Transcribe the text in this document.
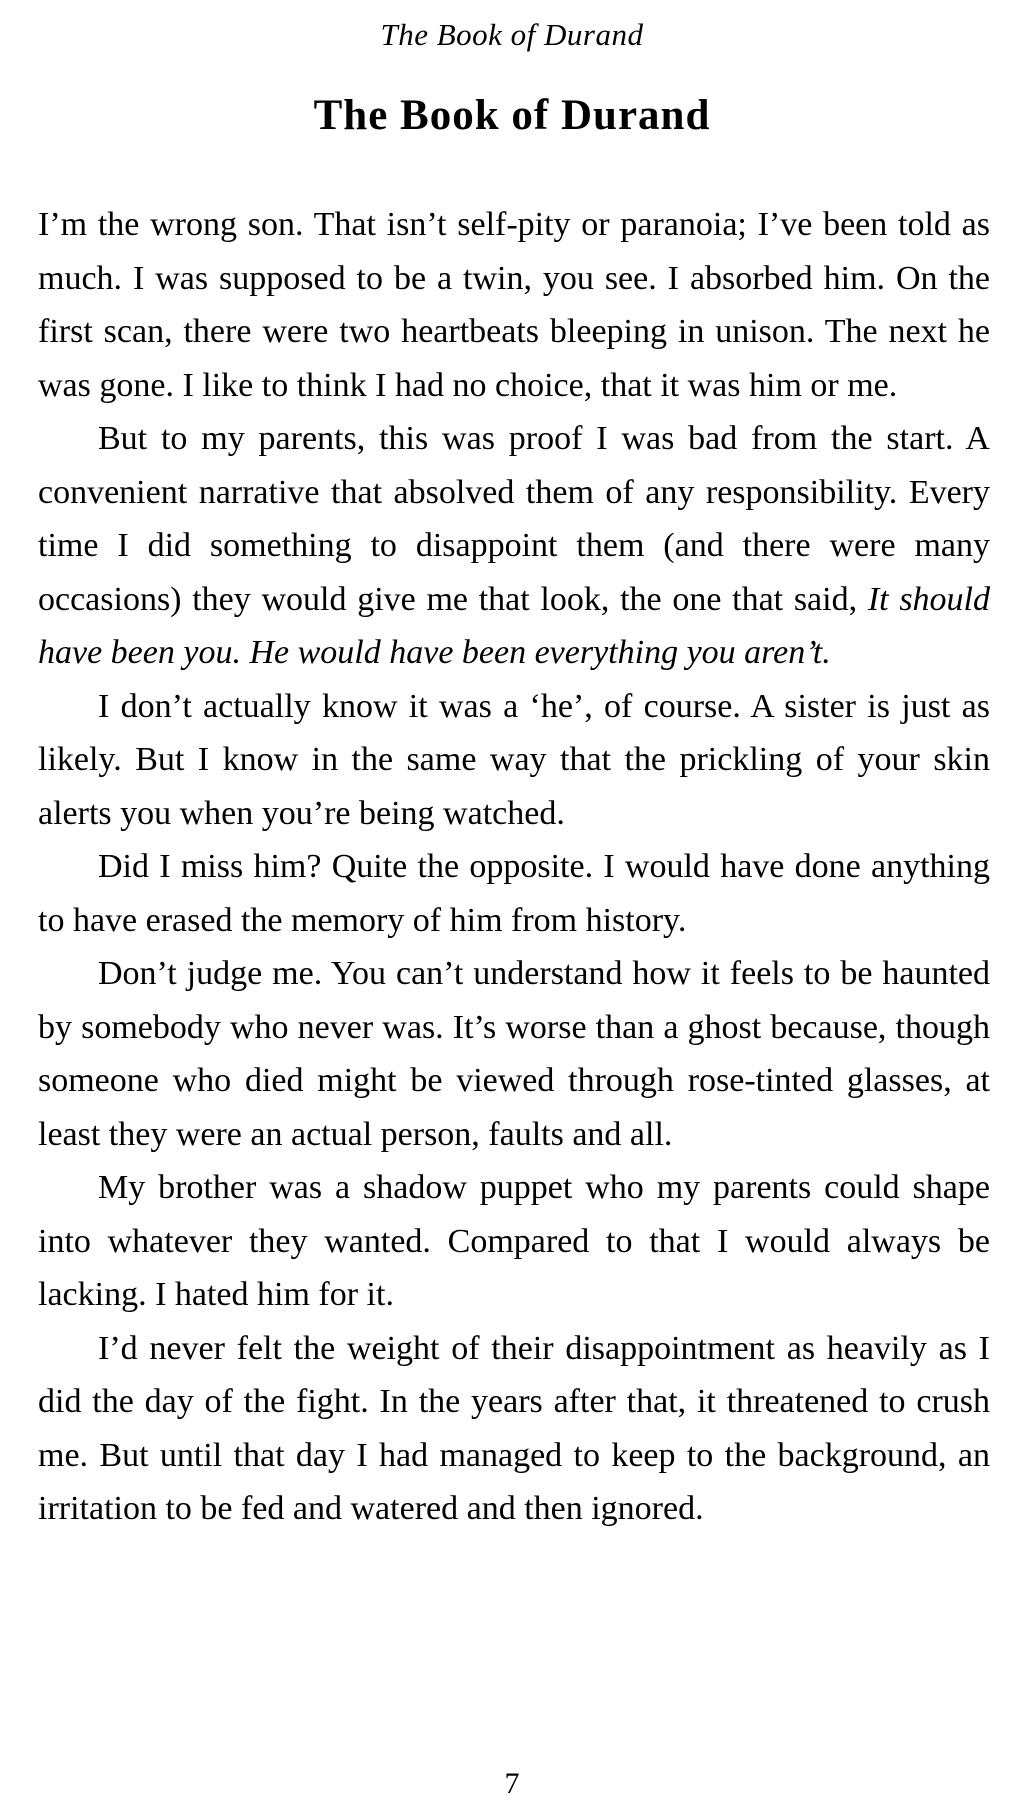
The Book of Durand
The Book of Durand

I’m the wrong son. That isn’t self-pity or paranoia; I’ve been told as much. I was supposed to be a twin, you see. I absorbed him. On the first scan, there were two heartbeats bleeping in unison. The next he was gone. I like to think I had no choice, that it was him or me.

But to my parents, this was proof I was bad from the start. A convenient narrative that absolved them of any responsibility. Every time I did something to disappoint them (and there were many occasions) they would give me that look, the one that said, It should have been you. He would have been everything you aren’t.

I don’t actually know it was a ‘he’, of course. A sister is just as likely. But I know in the same way that the prickling of your skin alerts you when you’re being watched.

Did I miss him? Quite the opposite. I would have done anything to have erased the memory of him from history.

Don’t judge me. You can’t understand how it feels to be haunted by somebody who never was. It’s worse than a ghost because, though someone who died might be viewed through rose-tinted glasses, at least they were an actual person, faults and all.

My brother was a shadow puppet who my parents could shape into whatever they wanted. Compared to that I would always be lacking. I hated him for it.

I’d never felt the weight of their disappointment as heavily as I did the day of the fight. In the years after that, it threatened to crush me. But until that day I had managed to keep to the background, an irritation to be fed and watered and then ignored.

7
